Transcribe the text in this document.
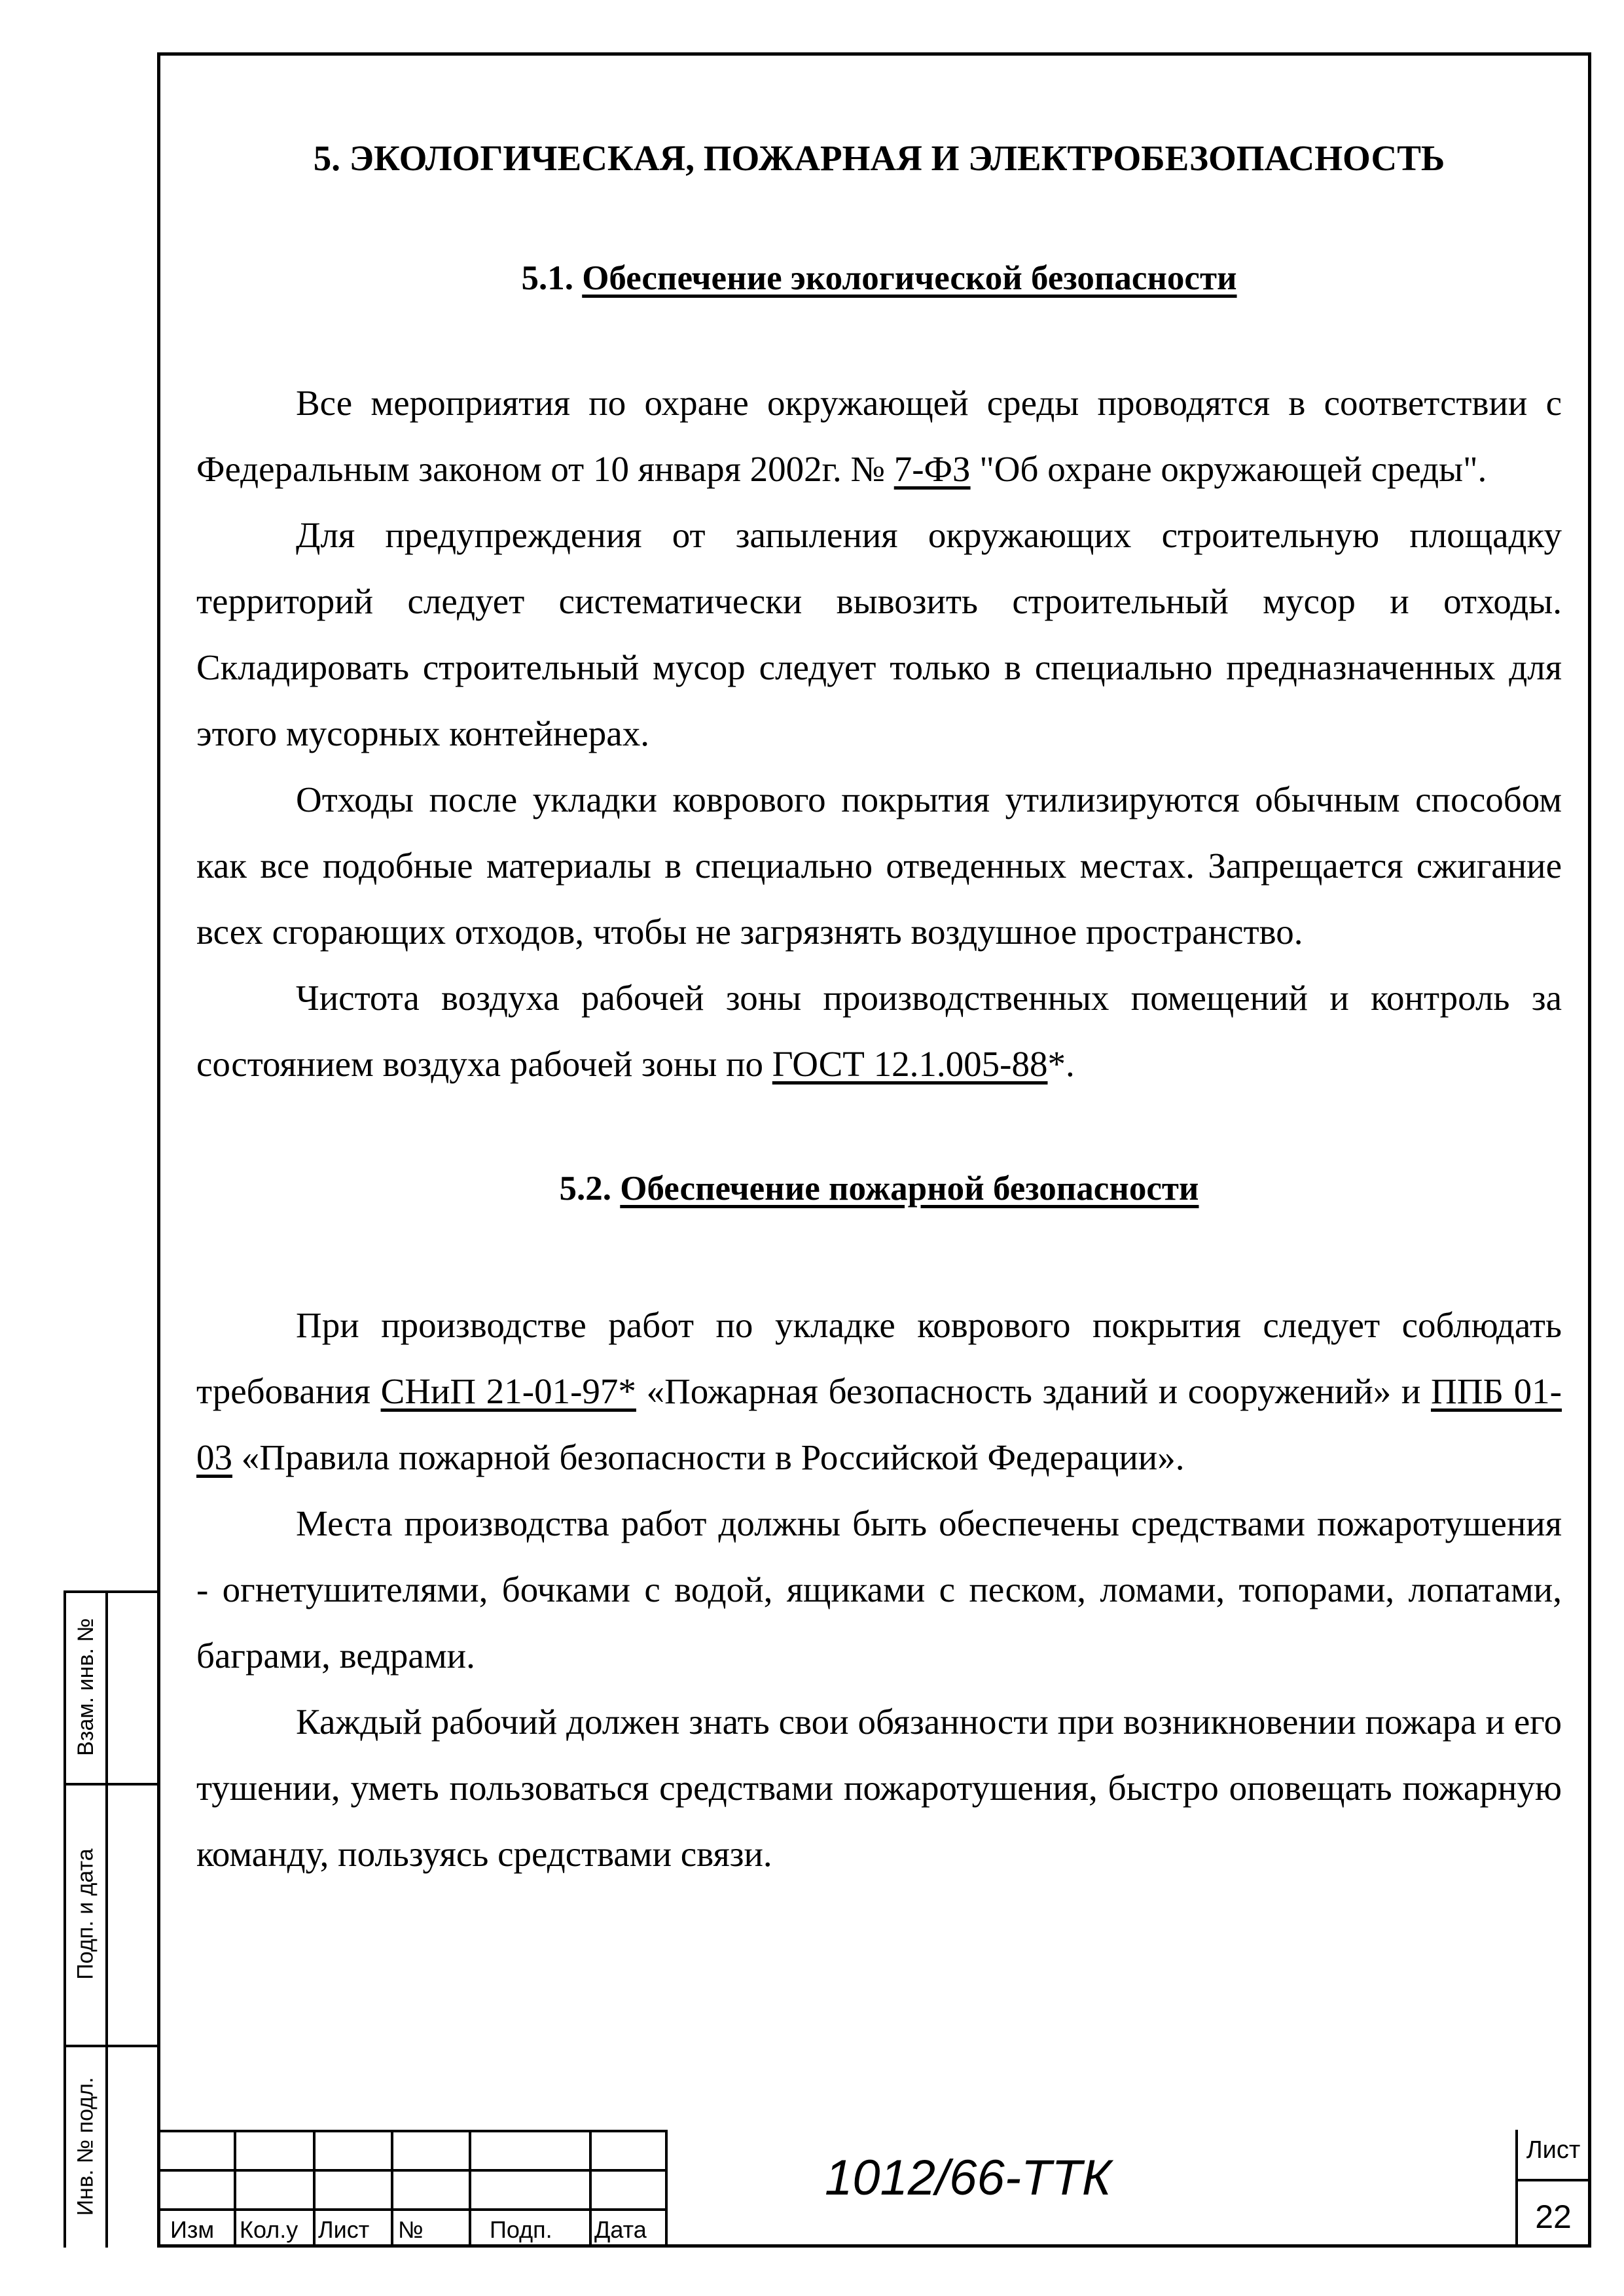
5. ЭКОЛОГИЧЕСКАЯ, ПОЖАРНАЯ И ЭЛЕКТРОБЕЗОПАСНОСТЬ
5.1. Обеспечение экологической безопасности

Все мероприятия по охране окружающей среды проводятся в соответствии с Федеральным законом от 10 января 2002г. № 7-ФЗ "Об охране окружающей среды".

Для предупреждения от запыления окружающих строительную площадку территорий следует систематически вывозить строительный мусор и отходы. Складировать строительный мусор следует только в специально предназначенных для этого мусорных контейнерах.

Отходы после укладки коврового покрытия утилизируются обычным способом как все подобные материалы в специально отведенных местах. Запрещается сжигание всех сгорающих отходов, чтобы не загрязнять воздушное пространство.

Чистота воздуха рабочей зоны производственных помещений и контроль за состоянием воздуха рабочей зоны по ГОСТ 12.1.005-88*.

5.2. Обеспечение пожарной безопасности

При производстве работ по укладке коврового покрытия следует соблюдать требования СНиП 21-01-97* «Пожарная безопасность зданий и сооружений» и ППБ 01-03 «Правила пожарной безопасности в Российской Федерации».

Места производства работ должны быть обеспечены средствами пожаротушения - огнетушителями, бочками с водой, ящиками с песком, ломами, топорами, лопатами, баграми, ведрами.

Каждый рабочий должен знать свои обязанности при возникновении пожара и его тушении, уметь пользоваться средствами пожаротушения, быстро оповещать пожарную команду, пользуясь средствами связи.

Взам. инв. №
Подп. и дата
Инв. № подл.
Изм Кол.у Лист №	Подп. Дата
1012/66-ТТК	Лист
22
